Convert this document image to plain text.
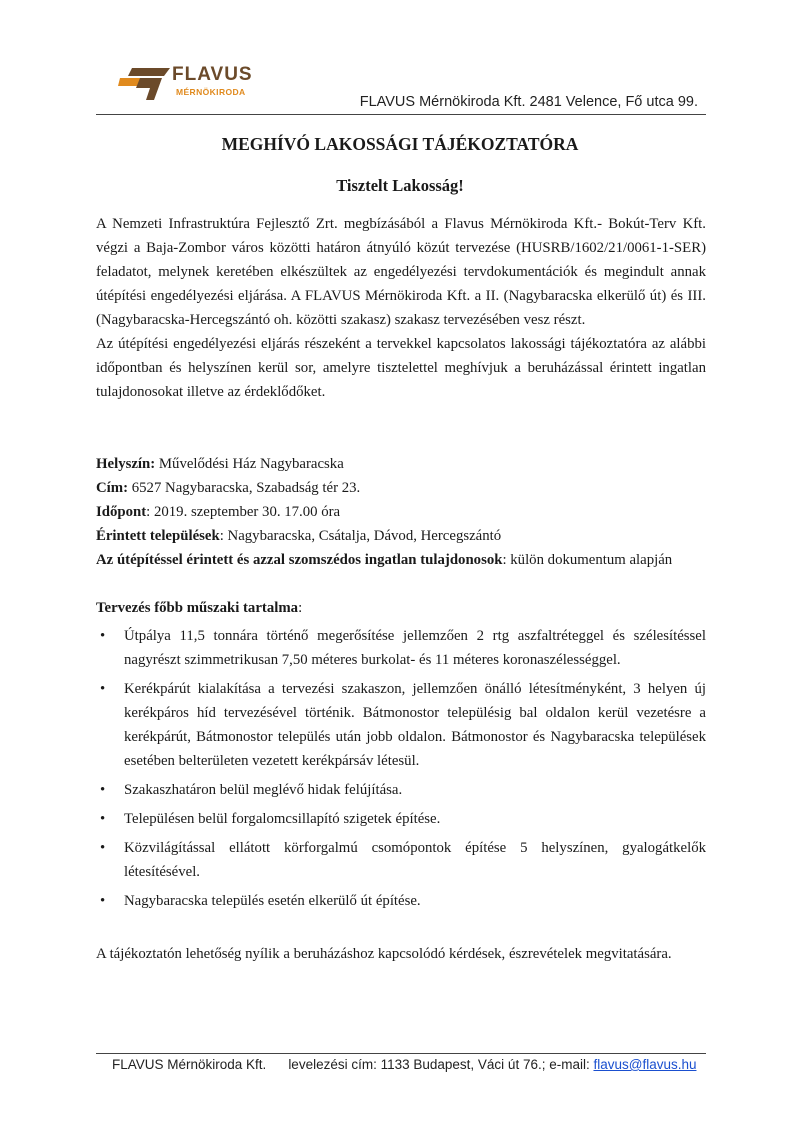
FLAVUS
MÉRNÖKIRODA
FLAVUS Mérnökiroda Kft. 2481 Velence, Fő utca 99.
MEGHÍVÓ LAKOSSÁGI TÁJÉKOZTATÓRA
Tisztelt Lakosság!

A Nemzeti Infrastruktúra Fejlesztő Zrt. megbízásából a Flavus Mérnökiroda Kft.- Bokút-Terv Kft. végzi a Baja-Zombor város közötti határon átnyúló közút tervezése (HUSRB/1602/21/0061-1-SER) feladatot, melynek keretében elkészültek az engedélyezési tervdokumentációk és megindult annak útépítési engedélyezési eljárása. A FLAVUS Mérnökiroda Kft. a II. (Nagybaracska elkerülő út) és III. (Nagybaracska-Hercegszántó oh. közötti szakasz) szakasz tervezésében vesz részt.

Az útépítési engedélyezési eljárás részeként a tervekkel kapcsolatos lakossági tájékoztatóra az alábbi időpontban és helyszínen kerül sor, amelyre tisztelettel meghívjuk a beruházással érintett ingatlan tulajdonosokat illetve az érdeklődőket.

Helyszín: Művelődési Ház Nagybaracska

Cím: 6527 Nagybaracska, Szabadság tér 23.

Időpont: 2019. szeptember 30. 17.00 óra

Érintett települések: Nagybaracska, Csátalja, Dávod, Hercegszántó

Az útépítéssel érintett és azzal szomszédos ingatlan tulajdonosok: külön dokumentum alapján

Tervezés főbb műszaki tartalma:

• Útpálya 11,5 tonnára történő megerősítése jellemzően 2 rtg aszfaltréteggel és szélesítéssel nagyrészt szimmetrikusan 7,50 méteres burkolat- és 11 méteres koronaszélességgel.
• Kerékpárút kialakítása a tervezési szakaszon, jellemzően önálló létesítményként, 3 helyen új kerékpáros híd tervezésével történik. Bátmonostor településig bal oldalon kerül vezetésre a kerékpárút, Bátmonostor település után jobb oldalon. Bátmonostor és Nagybaracska települések esetében belterületen vezetett kerékpársáv létesül.
• Szakaszhatáron belül meglévő hidak felújítása.
• Településen belül forgalomcsillapító szigetek építése.
• Közvilágítással ellátott körforgalmú csomópontok építése 5 helyszínen, gyalogátkelők létesítésével.
• Nagybaracska település esetén elkerülő út építése.

A tájékoztatón lehetőség nyílik a beruházáshoz kapcsolódó kérdések, észrevételek megvitatására.

FLAVUS Mérnökiroda Kft. levelezési cím: 1133 Budapest, Váci út 76.; e-mail: flavus@flavus.hu
